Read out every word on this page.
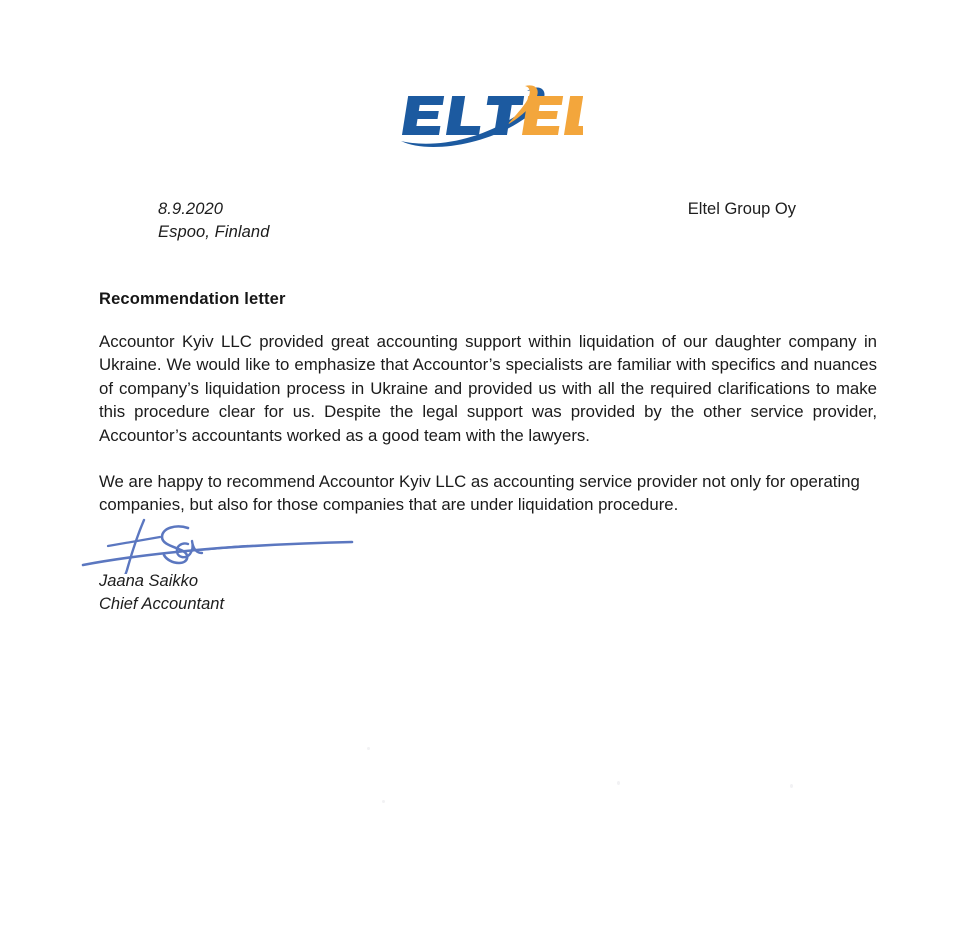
8.9.2020
Espoo, Finland
Eltel Group Oy
Recommendation letter

Accountor Kyiv LLC provided great accounting support within liquidation of our daughter company in Ukraine. We would like to emphasize that Accountor’s specialists are familiar with specifics and nuances of company’s liquidation process in Ukraine and provided us with all the required clarifications to make this procedure clear for us. Despite the legal support was provided by the other service provider, Accountor’s accountants worked as a good team with the lawyers.

We are happy to recommend Accountor Kyiv LLC as accounting service provider not only for operating companies, but also for those companies that are under liquidation procedure.

Jaana Saikko
Chief Accountant
